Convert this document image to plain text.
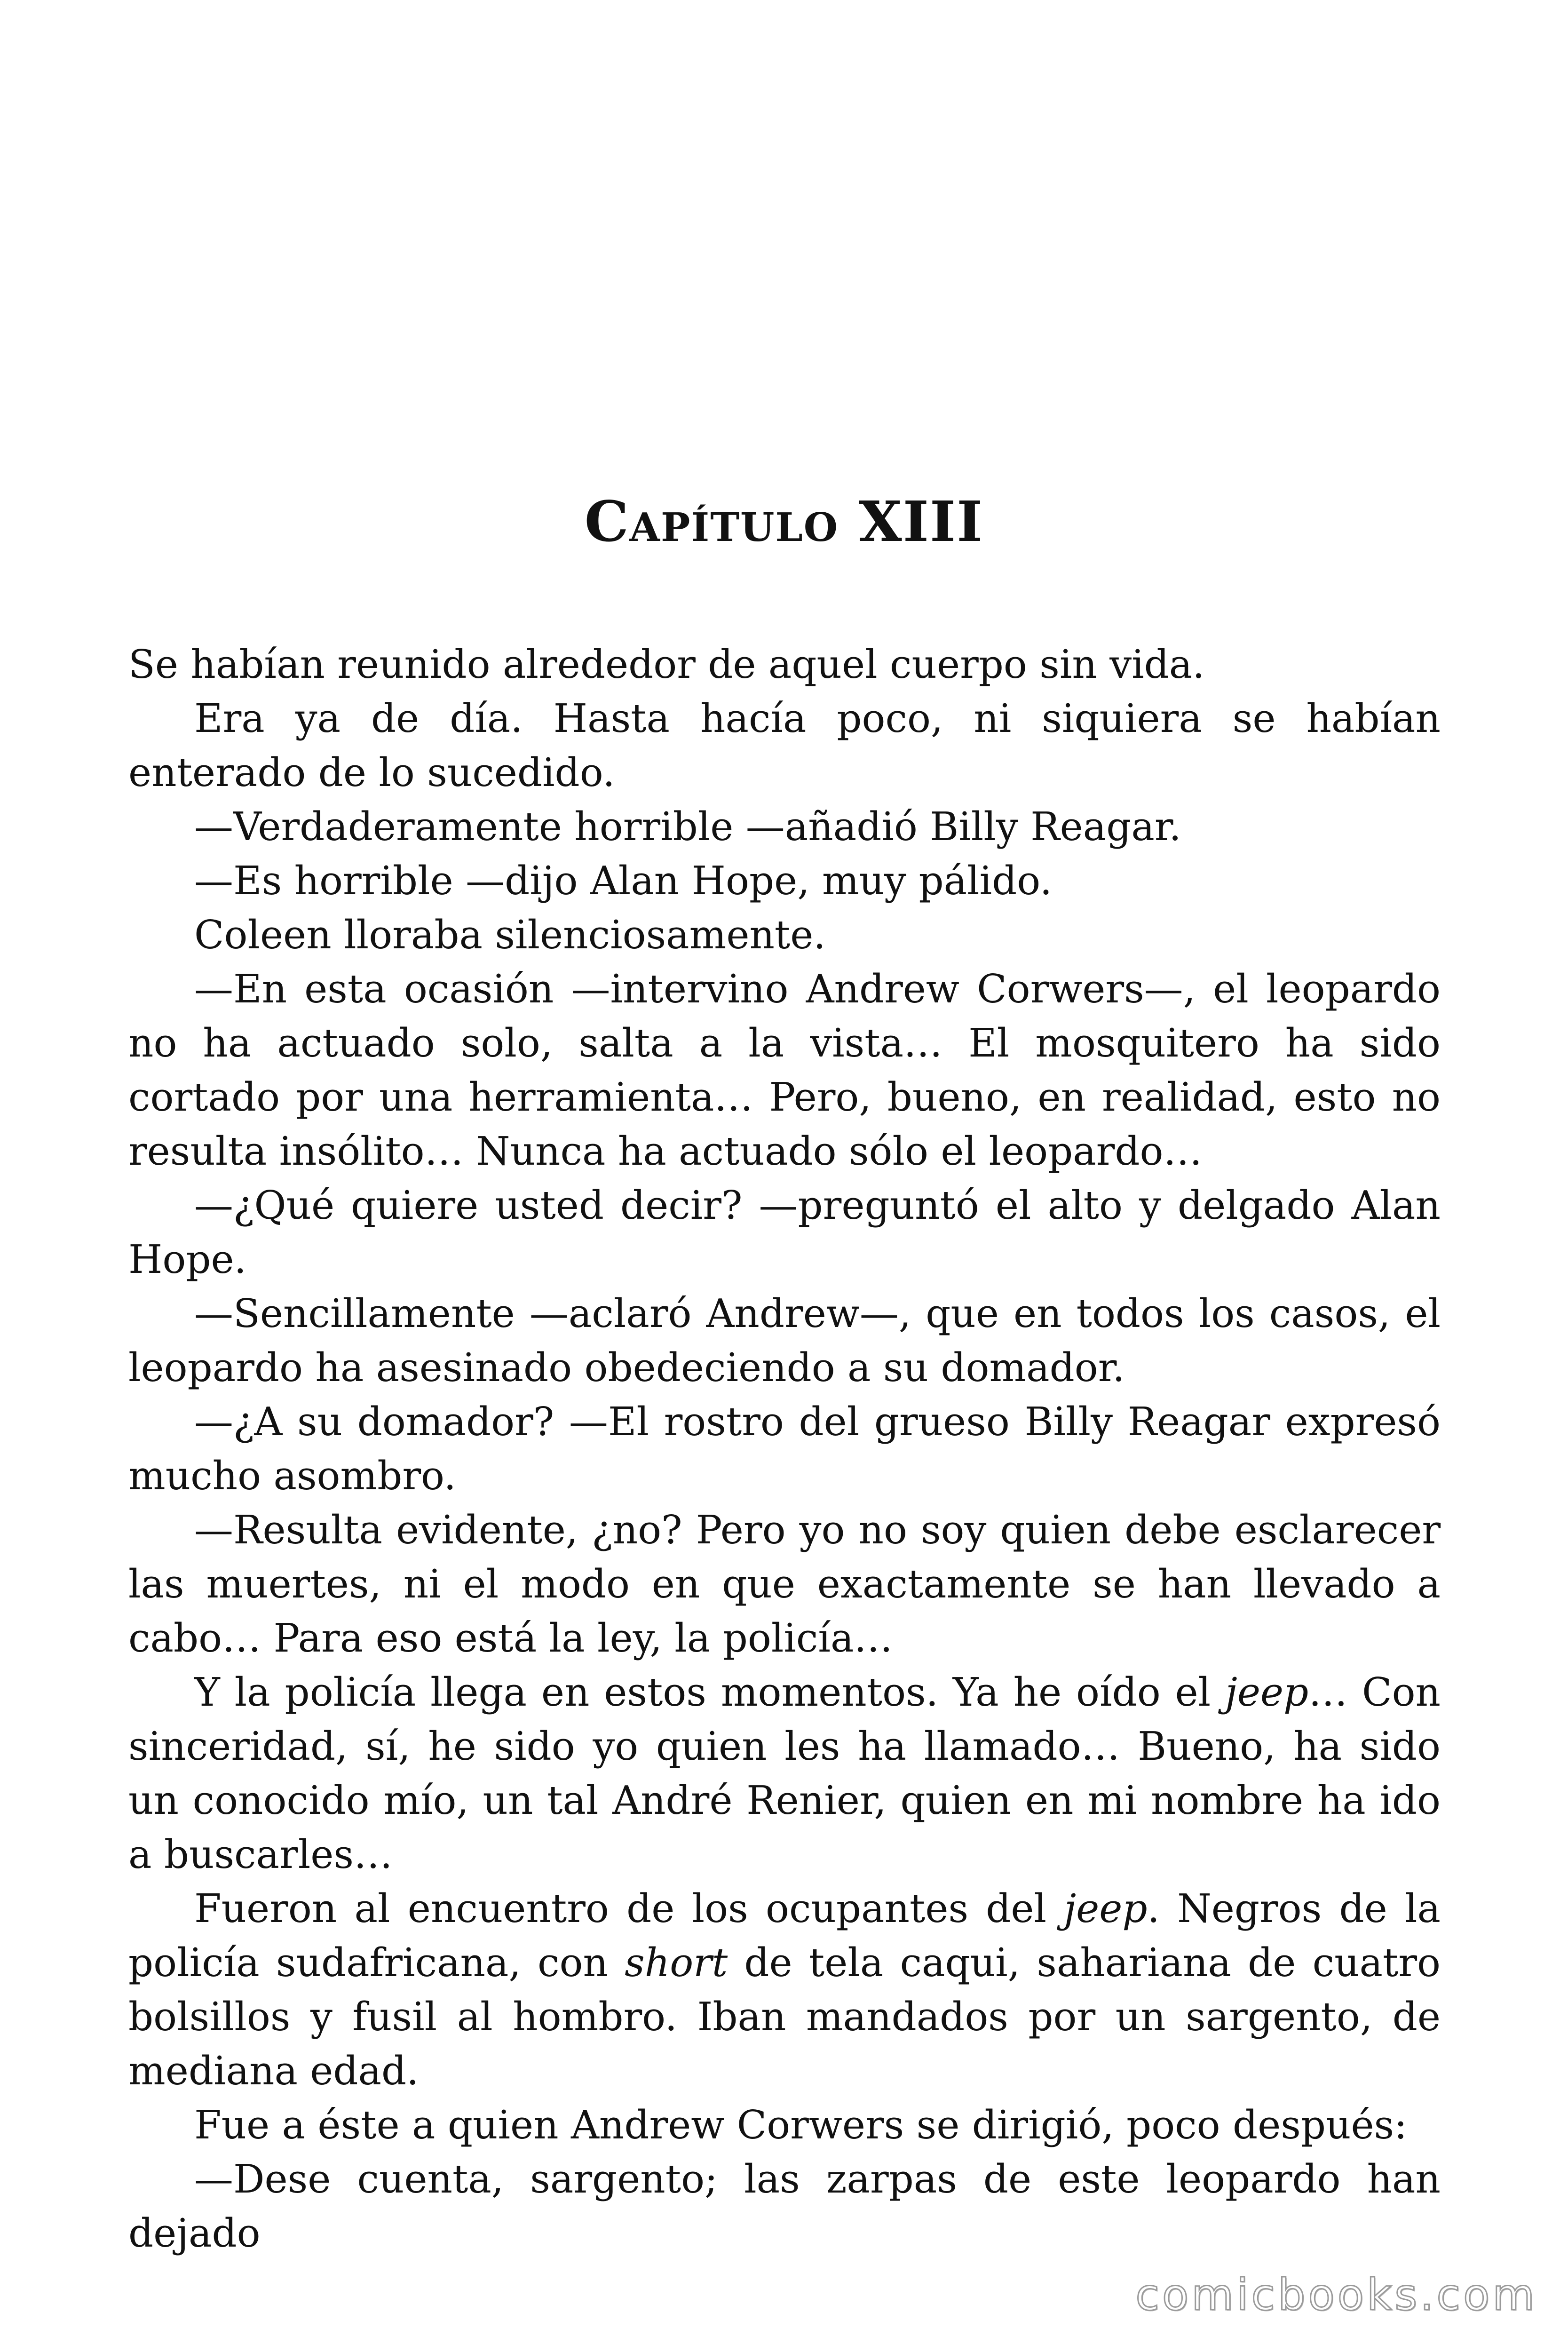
Capítulo XIII

Se habían reunido alrededor de aquel cuerpo sin vida.

Era ya de día. Hasta hacía poco, ni siquiera se habían enterado de lo sucedido.

—Verdaderamente horrible —añadió Billy Reagar.

—Es horrible —dijo Alan Hope, muy pálido.

Coleen lloraba silenciosamente.

—En esta ocasión —intervino Andrew Corwers—, el leopardo no ha actuado solo, salta a la vista… El mosquitero ha sido cortado por una herramienta… Pero, bueno, en realidad, esto no resulta insólito… Nunca ha actuado sólo el leopardo…

—¿Qué quiere usted decir? —preguntó el alto y delgado Alan Hope.

—Sencillamente —aclaró Andrew—, que en todos los casos, el leopardo ha asesinado obedeciendo a su domador.

—¿A su domador? —El rostro del grueso Billy Reagar expresó mucho asombro.

—Resulta evidente, ¿no? Pero yo no soy quien debe esclarecer las muertes, ni el modo en que exactamente se han llevado a cabo… Para eso está la ley, la policía…

Y la policía llega en estos momentos. Ya he oído el jeep… Con sinceridad, sí, he sido yo quien les ha llamado… Bueno, ha sido un conocido mío, un tal André Renier, quien en mi nombre ha ido a buscarles…

Fueron al encuentro de los ocupantes del jeep. Negros de la policía sudafricana, con short de tela caqui, sahariana de cuatro bolsillos y fusil al hombro. Iban mandados por un sargento, de mediana edad.

Fue a éste a quien Andrew Corwers se dirigió, poco después:

—Dese cuenta, sargento; las zarpas de este leopardo han dejado

comicbooks.com
